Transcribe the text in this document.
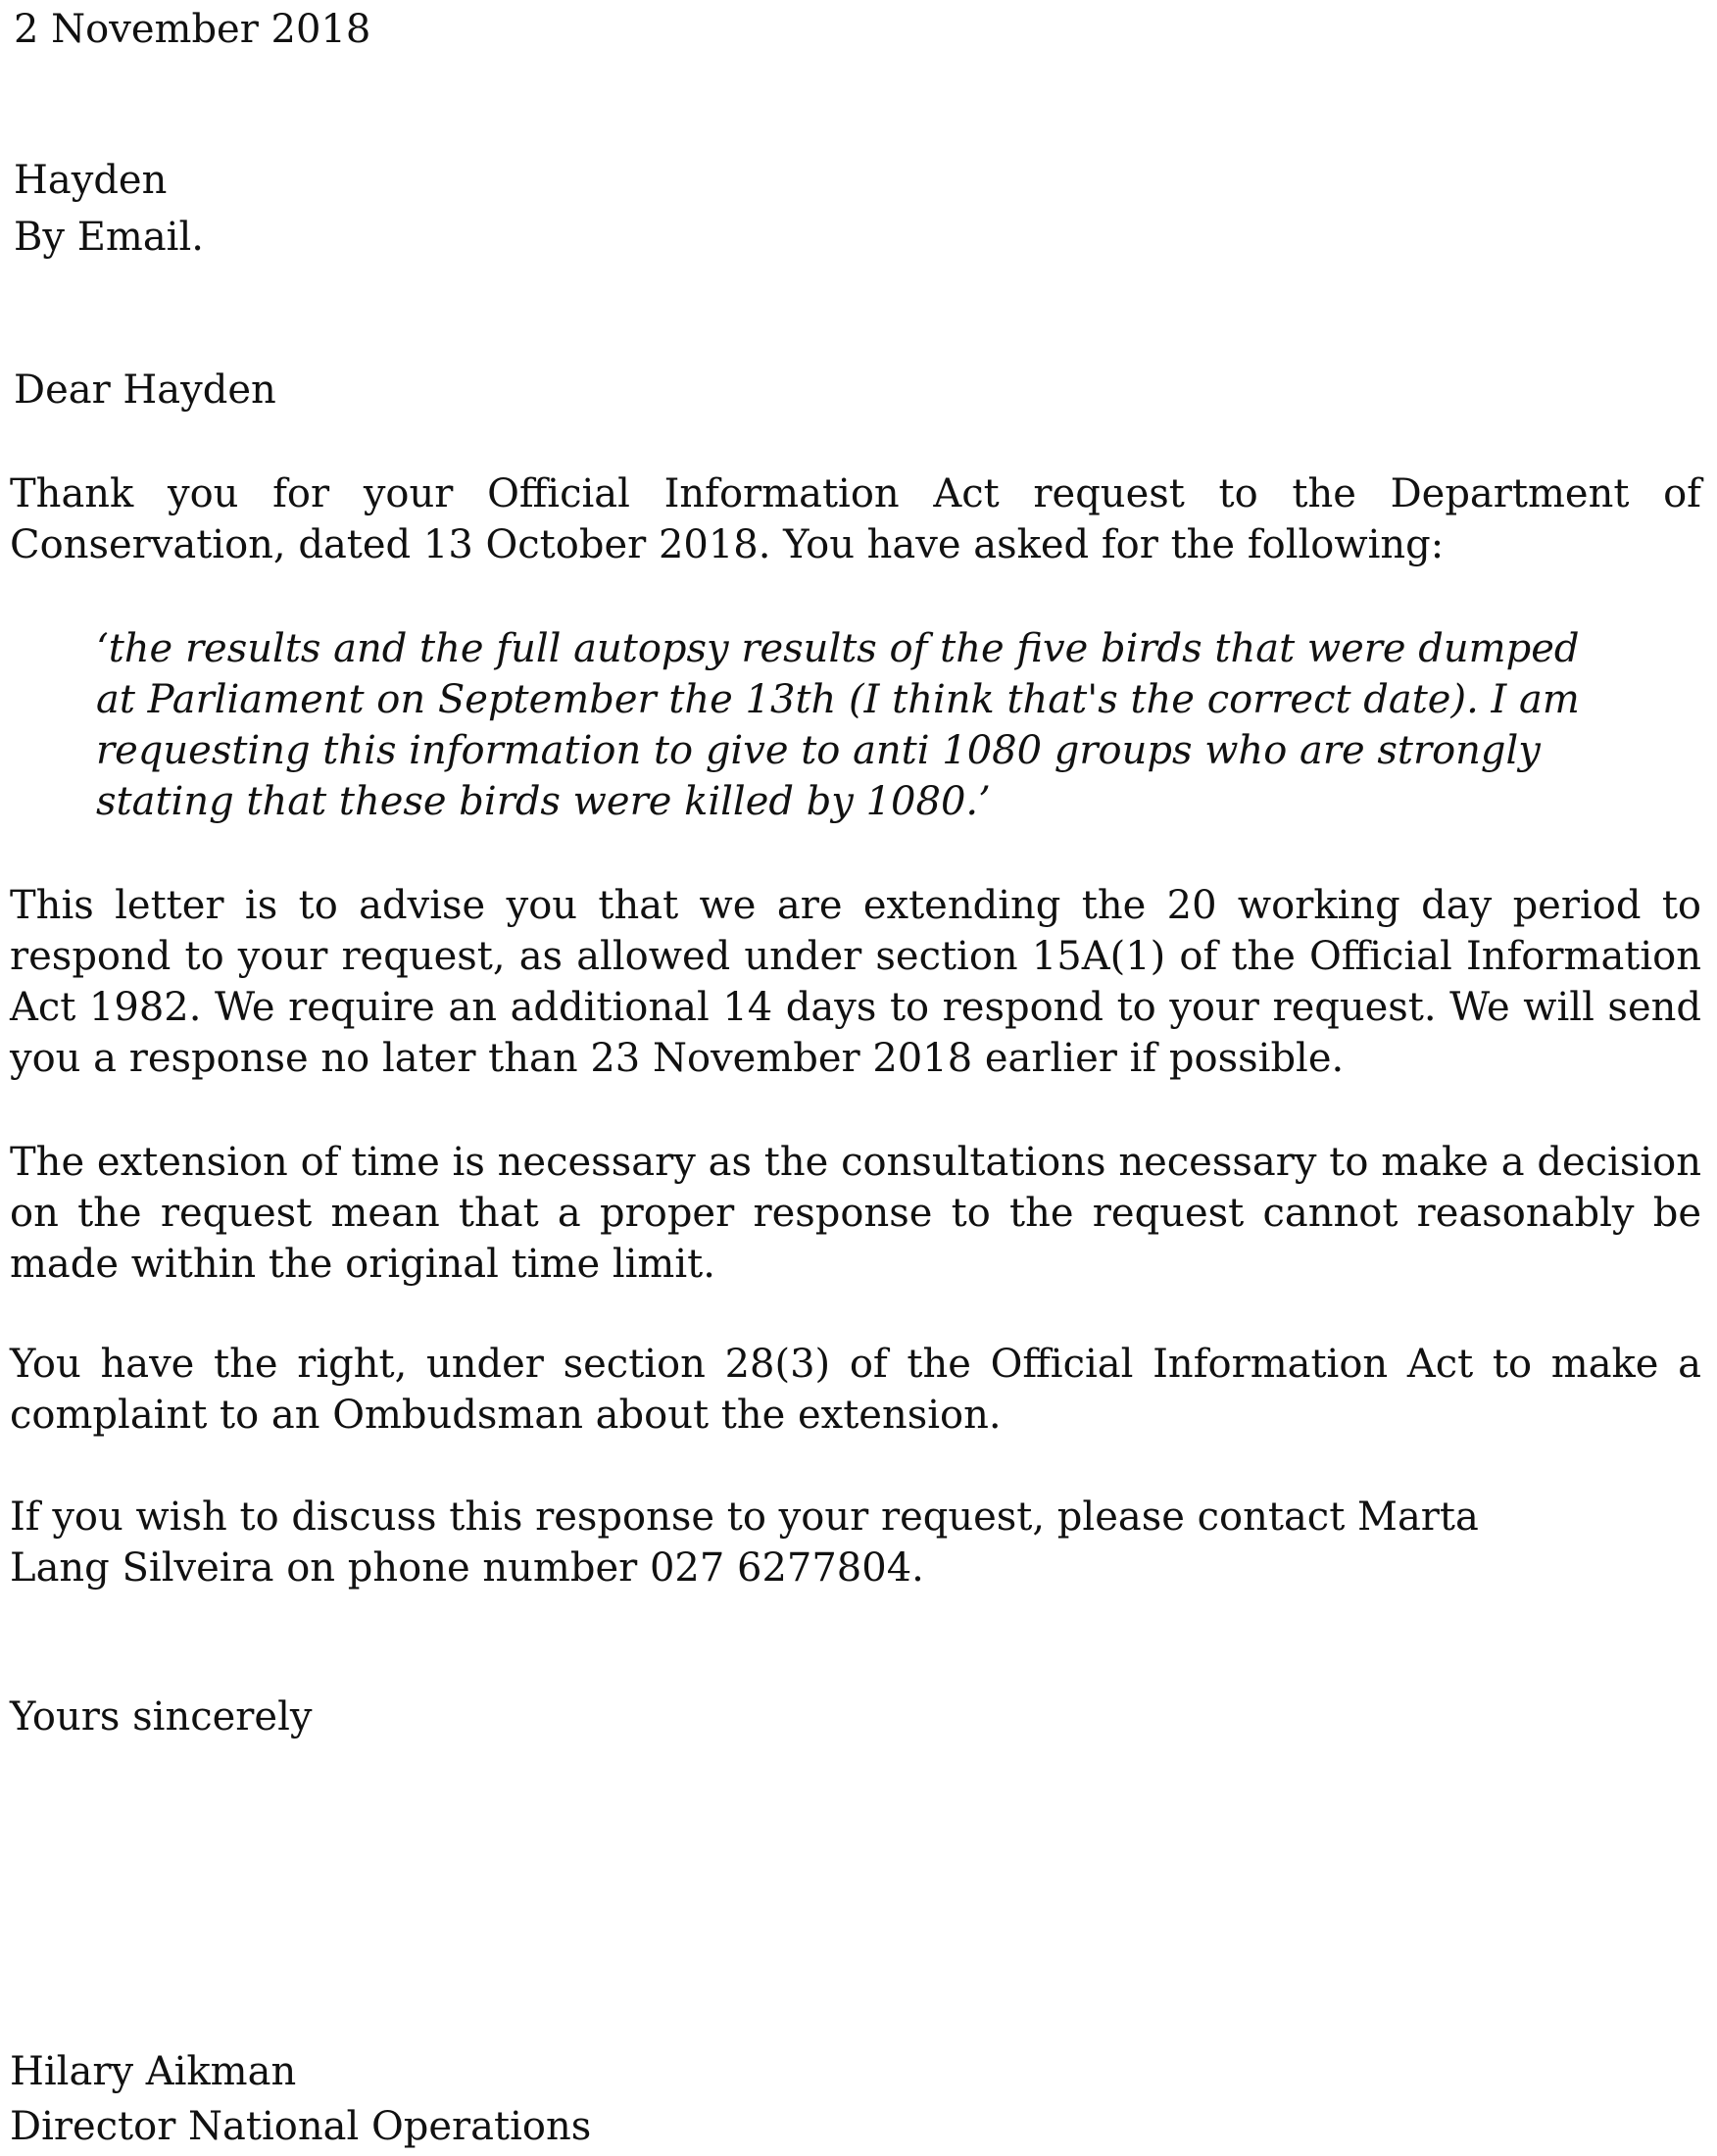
2 November 2018
Hayden
By Email.
Dear Hayden
Thank you for your Official Information Act request to the Department of Conservation, dated 13 October 2018. You have asked for the following:
‘the results and the full autopsy results of the five birds that were dumped at Parliament on September the 13th (I think that's the correct date). I am requesting this information to give to anti 1080 groups who are strongly stating that these birds were killed by 1080.’
This letter is to advise you that we are extending the 20 working day period to respond to your request, as allowed under section 15A(1) of the Official Information Act 1982. We require an additional 14 days to respond to your request. We will send you a response no later than 23 November 2018 earlier if possible.
The extension of time is necessary as the consultations necessary to make a decision on the request mean that a proper response to the request cannot reasonably be made within the original time limit.
You have the right, under section 28(3) of the Official Information Act to make a complaint to an Ombudsman about the extension.
If you wish to discuss this response to your request, please contact Marta Lang Silveira on phone number 027 6277804.
Yours sincerely
Hilary Aikman
Director National Operations
